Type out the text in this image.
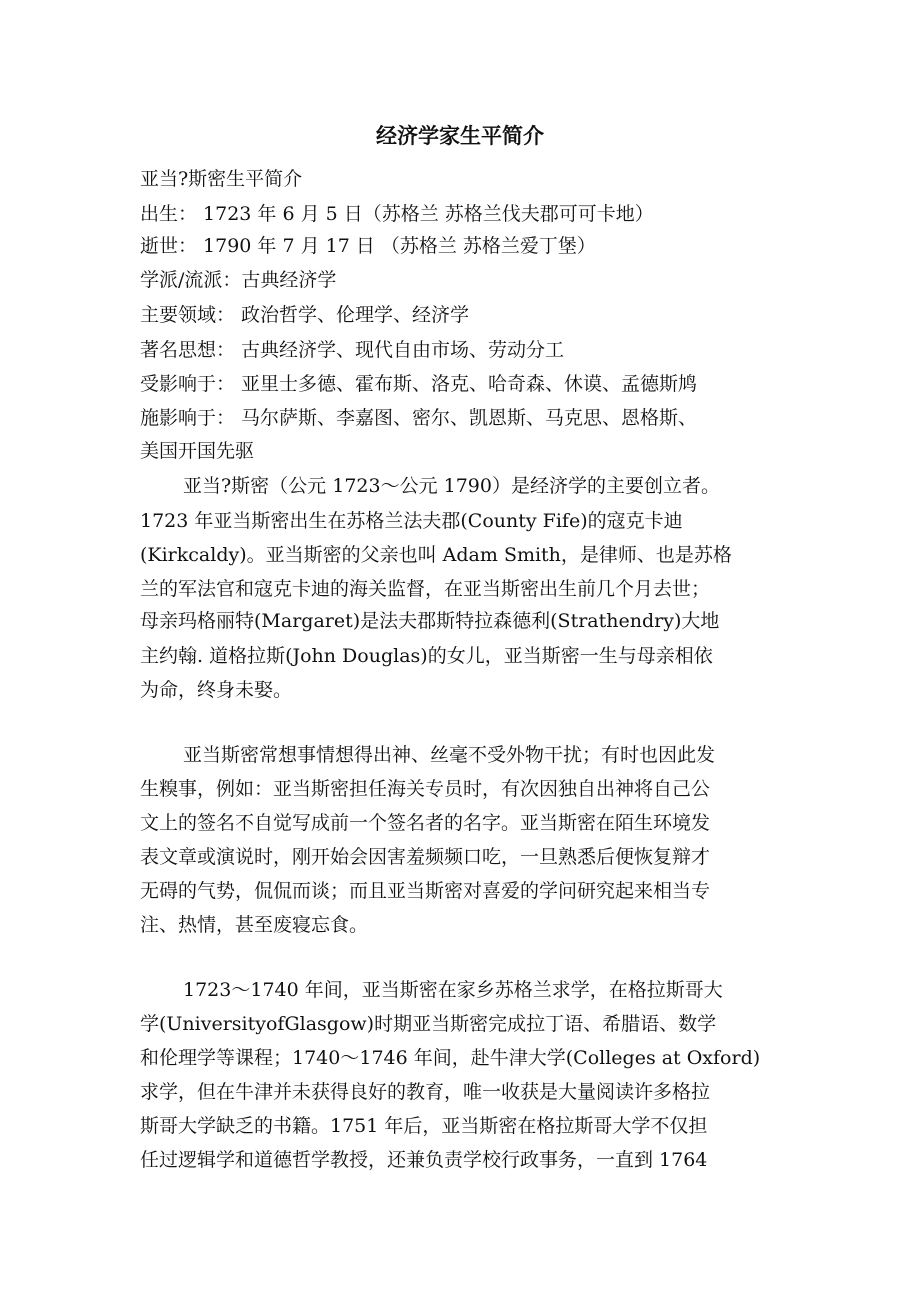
经济学家生平简介
亚当?斯密生平简介
出生： 1723 年 6 月 5 日（苏格兰 苏格兰伐夫郡可可卡地）
逝世： 1790 年 7 月 17 日 （苏格兰 苏格兰爱丁堡）
学派/流派：古典经济学
主要领域： 政治哲学、伦理学、经济学
著名思想： 古典经济学、现代自由市场、劳动分工
受影响于： 亚里士多德、霍布斯、洛克、哈奇森、休谟、孟德斯鸠
施影响于： 马尔萨斯、李嘉图、密尔、凯恩斯、马克思、恩格斯、
美国开国先驱
亚当?斯密（公元 1723～公元 1790）是经济学的主要创立者。
1723 年亚当斯密出生在苏格兰法夫郡(County Fife)的寇克卡迪
(Kirkcaldy)。亚当斯密的父亲也叫 Adam Smith，是律师、也是苏格
兰的军法官和寇克卡迪的海关监督，在亚当斯密出生前几个月去世；
母亲玛格丽特(Margaret)是法夫郡斯特拉森德利(Strathendry)大地
主约翰. 道格拉斯(John Douglas)的女儿，亚当斯密一生与母亲相依
为命，终身未娶。
亚当斯密常想事情想得出神、丝毫不受外物干扰；有时也因此发
生糗事，例如：亚当斯密担任海关专员时，有次因独自出神将自己公
文上的签名不自觉写成前一个签名者的名字。亚当斯密在陌生环境发
表文章或演说时，刚开始会因害羞频频口吃，一旦熟悉后便恢复辩才
无碍的气势，侃侃而谈；而且亚当斯密对喜爱的学问研究起来相当专
注、热情，甚至废寝忘食。
1723～1740 年间，亚当斯密在家乡苏格兰求学，在格拉斯哥大
学(UniversityofGlasgow)时期亚当斯密完成拉丁语、希腊语、数学
和伦理学等课程；1740～1746 年间，赴牛津大学(Colleges at Oxford)
求学，但在牛津并未获得良好的教育，唯一收获是大量阅读许多格拉
斯哥大学缺乏的书籍。1751 年后，亚当斯密在格拉斯哥大学不仅担
任过逻辑学和道德哲学教授，还兼负责学校行政事务，一直到 1764
